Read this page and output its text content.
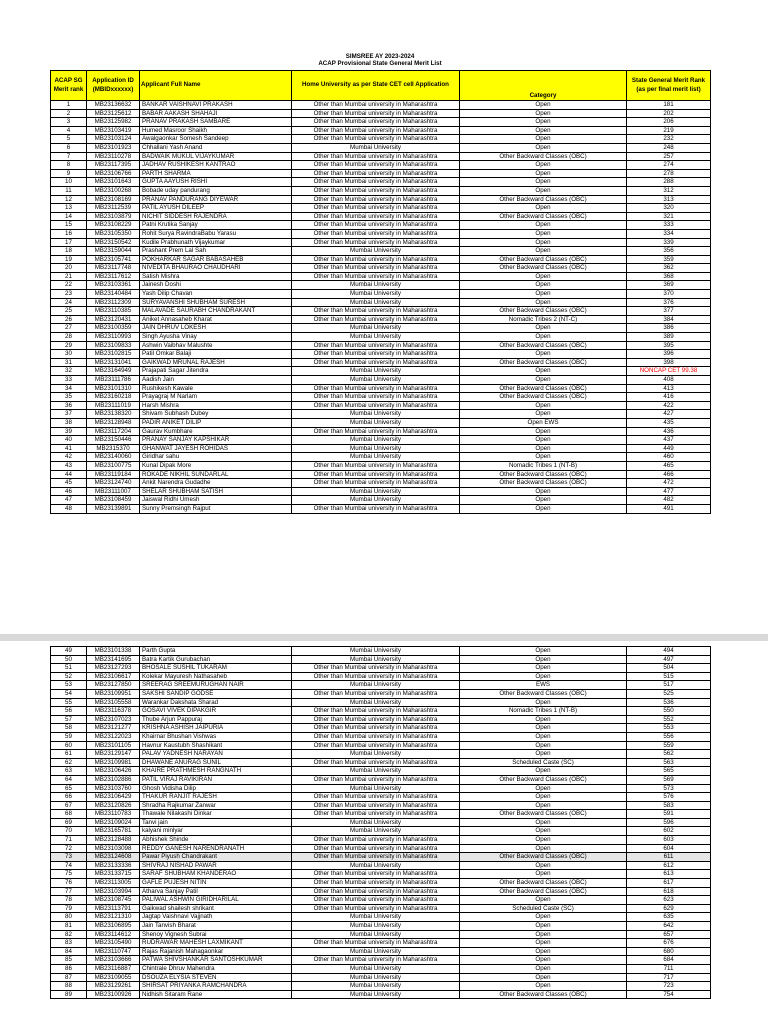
SIMSREE AY 2023-2024
ACAP Provisional State General Merit List
ACAP SG Merit rank	Application ID (MBIDxxxxxx)	Applicant Full Name	Home University as per State CET cell Application	Category	State General Merit Rank (as per final merit list)
1	MB23136632	BANKAR VAISHNAVI PRAKASH	Other than Mumbai university in Maharashtra	Open	181
2	MB23125612	BABAR AAKASH SHAHAJI	Other than Mumbai university in Maharashtra	Open	202
3	MB23125982	PRANAV PRAKASH SAMBARE	Other than Mumbai university in Maharashtra	Open	206
4	MB23103419	Humed Masroor Shaikh	Other than Mumbai university in Maharashtra	Open	219
5	MB23103124	Awalgaonkar Somesh Sandeep	Other than Mumbai university in Maharashtra	Open	232
6	MB23101923	Chhallani Yash Anand	Mumbai University	Open	248
7	MB23110278	BADWAIK MUKUL VIJAYKUMAR	Other than Mumbai university in Maharashtra	Other Backward Classes (OBC)	257
8	MB23117395	JADHAV RUSHIKESH KANTRAO	Other than Mumbai university in Maharashtra	Open	274
9	MB23106766	PARTH SHARMA	Other than Mumbai university in Maharashtra	Open	278
10	MB23101643	GUPTA AAYUSH RISHI	Other than Mumbai university in Maharashtra	Open	288
11	MB23100268	Bobade uday pandurang	Other than Mumbai university in Maharashtra	Open	312
12	MB23108169	PRANAV PANDURANG DIYEWAR	Other than Mumbai university in Maharashtra	Other Backward Classes (OBC)	313
13	MB23112539	PATIL AYUSH DILEEP	Other than Mumbai university in Maharashtra	Open	320
14	MB23103879	NICHIT SIDDESH RAJENDRA	Other than Mumbai university in Maharashtra	Other Backward Classes (OBC)	321
15	MB23108229	Patni Krutika Sanjay	Other than Mumbai university in Maharashtra	Open	333
16	MB23105350	Rohit Surya RavindraBabu Yarasu	Other than Mumbai university in Maharashtra	Open	334
17	MB23150542	Kudile Prabhunath Vijaykumar	Other than Mumbai university in Maharashtra	Open	339
18	MB23159044	Prashant Prem Lal Sah	Mumbai University	Open	356
19	MB23105741	POKHARKAR SAGAR BABASAHEB	Other than Mumbai university in Maharashtra	Other Backward Classes (OBC)	359
20	MB23117748	NIVEDITA BHAURAO CHAUDHARI	Other than Mumbai university in Maharashtra	Other Backward Classes (OBC)	362
21	MB23117612	Satish Mishra	Other than Mumbai university in Maharashtra	Open	368
22	MB23103361	Jainesh Doshi	Mumbai University	Open	369
23	MB23140484	Yash Dilip Chavan	Mumbai University	Open	370
24	MB23112309	SURYAVANSHI SHUBHAM SURESH	Mumbai University	Open	376
25	MB23110385	MALAVADE SAURABH CHANDRAKANT	Other than Mumbai university in Maharashtra	Other Backward Classes (OBC)	377
26	MB23120431	Aniket Annasaheb Kharat	Other than Mumbai university in Maharashtra	Nomadic Tribes 2 (NT-C)	384
27	MB23100359	JAIN DHRUV LOKESH	Mumbai University	Open	386
28	MB23110993	Singh Ayusha Vinay	Mumbai University	Open	389
29	MB23109833	Ashwin Vaibhav Malushte	Other than Mumbai university in Maharashtra	Other Backward Classes (OBC)	395
30	MB23102815	Patil Omkar Balaji	Other than Mumbai university in Maharashtra	Open	396
31	MB23131041	GAIKWAD MRUNAL RAJESH	Other than Mumbai university in Maharashtra	Other Backward Classes (OBC)	398
32	MB23164949	Prajapati Sagar Jitendra	Mumbai University	Open	NONCAP CET 99.38
33	MB23111786	Aadish Jain	Mumbai University	Open	408
34	MB23101310	Rushikesh Kawale	Other than Mumbai university in Maharashtra	Other Backward Classes (OBC)	413
35	MB23160218	Prayagraj M Narlam	Other than Mumbai university in Maharashtra	Other Backward Classes (OBC)	416
36	MB23111019	Harsh Mishra	Other than Mumbai university in Maharashtra	Open	422
37	MB23138320	Shivam Subhash Dubey	Mumbai University	Open	427
38	MB23128948	PADIR ANIKET DILIP	Mumbai University	Open EWS	435
39	MB23117204	Gaurav Kumbhare	Other than Mumbai university in Maharashtra	Open	436
40	MB23150446	PRANAY SANJAY KAPSHIKAR	Mumbai University	Open	437
41	MB2315370	GHANWAT JAYESH ROHIDAS	Mumbai University	Open	449
42	MB23140060	Giridhar sahu	Mumbai University	Open	460
43	MB23100775	Kunal Dipak More	Other than Mumbai university in Maharashtra	Nomadic Tribes 1 (NT-B)	465
44	MB23119184	ROKADE NIKHIL SUNDARLAL	Other than Mumbai university in Maharashtra	Other Backward Classes (OBC)	466
45	MB23124740	Ankit Narendra Gudadhe	Other than Mumbai university in Maharashtra	Other Backward Classes (OBC)	472
46	MB23111007	SHELAR SHUBHAM SATISH	Mumbai University	Open	477
47	MB23108459	Jaiswal Ridhi Umesh	Mumbai University	Open	482
48	MB23139891	Sunny Premsingh Rajput	Other than Mumbai university in Maharashtra	Open	491
49	MB23101338	Parth Gupta	Mumbai University	Open	494
50	MB23141695	Batra Kartik Gurubachan	Mumbai University	Open	497
51	MB23127293	BHOSALE SUSHIL TUKARAM	Other than Mumbai university in Maharashtra	Open	504
52	MB23106617	Kolekar Mayuresh Nathasaheb	Other than Mumbai university in Maharashtra	Open	515
53	MB23127850	SREERAG SREEMURUGHAN NAIR	Mumbai University	EWS	517
54	MB23109951	SAKSHI SANDIP GODSE	Other than Mumbai university in Maharashtra	Other Backward Classes (OBC)	525
55	MB23105558	Warankar Dakshata Sharad	Mumbai University	Open	536
56	MB23116378	GOSAVI VIVEK DIPAKGIR	Other than Mumbai university in Maharashtra	Nomadic Tribes 1 (NT-B)	550
57	MB23107023	Thube Arjun Pappuraj	Other than Mumbai university in Maharashtra	Open	552
58	MB23121277	KRISHNA ASHISH JAIPURIA	Other than Mumbai university in Maharashtra	Open	553
59	MB23122023	Khairnar Bhushan Vishwas	Other than Mumbai university in Maharashtra	Open	556
60	MB23101105	Havnur Kaustubh Shashikant	Other than Mumbai university in Maharashtra	Open	559
61	MB23129147	PALAV YADNESH NARAYAN	Mumbai University	Open	562
62	MB23109981	DHAWANE ANURAG SUNIL	Other than Mumbai university in Maharashtra	Scheduled Caste (SC)	563
63	MB23106426	KHAIRE PRATHMESH RANGNATH	Mumbai University	Open	565
64	MB23102886	PATIL VIRAJ RAVIKIRAN	Other than Mumbai university in Maharashtra	Other Backward Classes (OBC)	569
65	MB23103760	Ghosh Vidisha Dilip	Mumbai University	Open	573
66	MB23106429	THAKUR RANJIT RAJESH	Other than Mumbai university in Maharashtra	Open	576
67	MB23120826	Shradha Rajkumar Zanwar	Other than Mumbai university in Maharashtra	Open	583
68	MB23110783	Thawale Nilakashi Dinkar	Other than Mumbai university in Maharashtra	Other Backward Classes (OBC)	591
69	MB23109024	Tanvi jain	Mumbai University	Open	596
70	MB23165781	kalyani minlyar	Mumbai University	Open	602
71	MB23128488	Abhishek Shinde	Other than Mumbai university in Maharashtra	Open	603
72	MB23103098	REDDY GANESH NARENDRANATH	Other than Mumbai university in Maharashtra	Open	604
73	MB23124608	Pawar Piyush Chandrakant	Other than Mumbai university in Maharashtra	Other Backward Classes (OBC)	611
74	MB23133336	SHIVRAJ NISHAD PAWAR	Mumbai University	Open	612
75	MB23133715	SARAF SHUBHAM KHANDERAO	Other than Mumbai university in Maharashtra	Open	613
76	MB23113005	GAFLE PUJESH NITIN	Other than Mumbai university in Maharashtra	Other Backward Classes (OBC)	617
77	MB23103994	Atharva Sanjay Patil	Other than Mumbai university in Maharashtra	Other Backward Classes (OBC)	618
78	MB23108745	PALIWAL ASHWIN GIRIDHARILAL	Other than Mumbai university in Maharashtra	Open	623
79	MB23113791	Gaikwad shailesh shrikant	Other than Mumbai university in Maharashtra	Scheduled Caste (SC)	629
80	MB23121310	Jagtap Vaishnavi Vajjnath	Mumbai University	Open	635
81	MB23106895	Jain Tanvish Bharat	Mumbai University	Open	642
82	MB23114612	Shenoy Vignesh Subrai	Mumbai University	Open	657
83	MB23105490	RUDRAWAR MAHESH LAXMIKANT	Other than Mumbai university in Maharashtra	Open	676
84	MB23110747	Rajas Rajanish Mahagaonkar	Mumbai University	Open	680
85	MB23103666	PATWA SHIVSHANKAR SANTOSHKUMAR	Other than Mumbai university in Maharashtra	Open	684
86	MB23116887	Chintrale Dhruv Mahendra	Mumbai University	Open	711
87	MB23109055	DSOUZA ELYSIA STEVEN	Mumbai University	Open	717
88	MB23129261	SHIRSAT PRIYANKA RAMCHANDRA	Mumbai University	Open	723
89	MB23100926	Nidhish Sitaram Rane	Mumbai University	Other Backward Classes (OBC)	754
